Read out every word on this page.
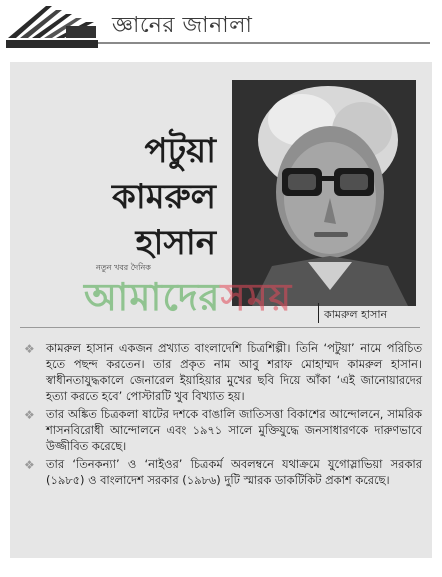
জ্ঞানের জানালা
পটুয়া
কামরুল
হাসান
কামরুল হাসান
নতুন খবর দৈনিক
আমাদেরসময়
❖ কামরুল হাসান একজন প্রখ্যাত বাংলাদেশি চিত্রশিল্পী। তিনি ‘পটুয়া’ নামে পরিচিত হতে পছন্দ করতেন। তার প্রকৃত নাম আবু শরাফ মোহাম্মদ কামরুল হাসান। স্বাধীনতাযুদ্ধকালে জেনারেল ইয়াহিয়ার মুখের ছবি দিয়ে আঁকা ‘এই জানোয়ারদের হত্যা করতে হবে’ পোস্টারটি খুব বিখ্যাত হয়।
❖ তার অঙ্কিত চিত্রকলা ষাটের দশকে বাঙালি জাতিসত্তা বিকাশের আন্দোলনে, সামরিক শাসনবিরোধী আন্দোলনে এবং ১৯৭১ সালে মুক্তিযুদ্ধে জনসাধারণকে দারুণভাবে উজ্জীবিত করেছে।
❖ তার ‘তিনকন্যা’ ও ‘নাইওর’ চিত্রকর্ম অবলম্বনে যথাক্রমে যুগোস্লাভিয়া সরকার (১৯৮৫) ও বাংলাদেশ সরকার (১৯৮৬) দুটি স্মারক ডাকটিকিট প্রকাশ করেছে।
